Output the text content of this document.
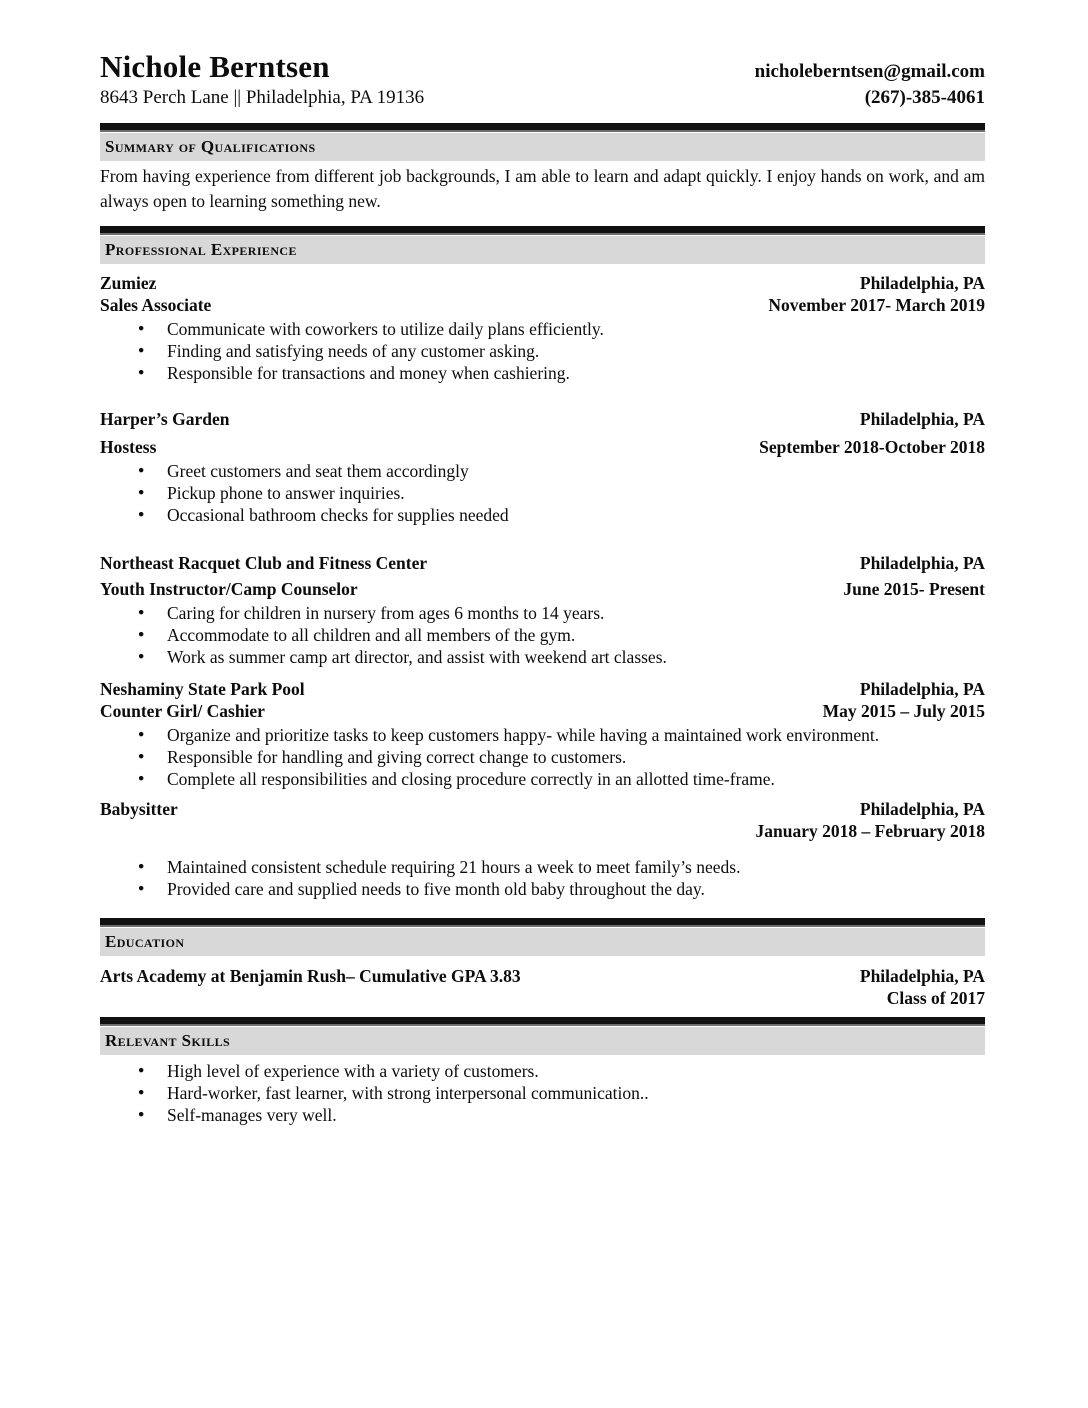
Nichole Berntsen	nicholeberntsen@gmail.com
8643 Perch Lane || Philadelphia, PA 19136	(267)-385-4061
Summary of Qualifications

From having experience from different job backgrounds, I am able to learn and adapt quickly. I enjoy hands on work, and am always open to learning something new.

Professional Experience
Zumiez	Philadelphia, PA
Sales Associate	November 2017- March 2019
● Communicate with coworkers to utilize daily plans efficiently.
● Finding and satisfying needs of any customer asking.
● Responsible for transactions and money when cashiering.
Harper’s Garden	Philadelphia, PA
Hostess	September 2018-October 2018
● Greet customers and seat them accordingly
● Pickup phone to answer inquiries.
● Occasional bathroom checks for supplies needed
Northeast Racquet Club and Fitness Center	Philadelphia, PA
Youth Instructor/Camp Counselor	June 2015- Present
● Caring for children in nursery from ages 6 months to 14 years.
● Accommodate to all children and all members of the gym.
● Work as summer camp art director, and assist with weekend art classes.
Neshaminy State Park Pool	Philadelphia, PA
Counter Girl/ Cashier	May 2015 – July 2015
● Organize and prioritize tasks to keep customers happy- while having a maintained work environment.
● Responsible for handling and giving correct change to customers.
● Complete all responsibilities and closing procedure correctly in an allotted time-frame.
Babysitter	Philadelphia, PA
January 2018 – February 2018
● Maintained consistent schedule requiring 21 hours a week to meet family’s needs.
● Provided care and supplied needs to five month old baby throughout the day.
Education
Arts Academy at Benjamin Rush– Cumulative GPA 3.83	Philadelphia, PA
Class of 2017
Relevant Skills
● High level of experience with a variety of customers.
● Hard-worker, fast learner, with strong interpersonal communication..
● Self-manages very well.
